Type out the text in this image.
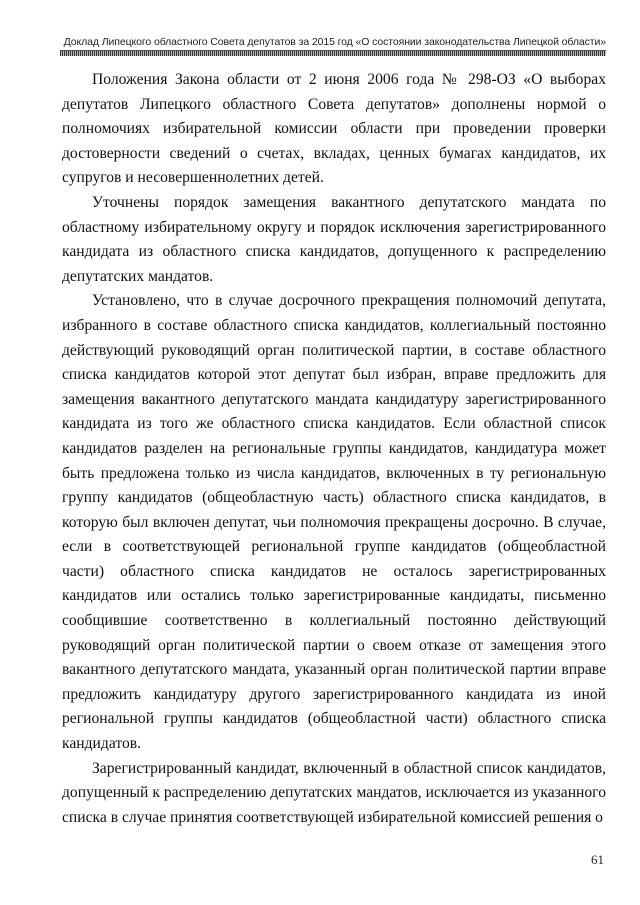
Доклад Липецкого областного Совета депутатов за 2015 год «О состоянии законодательства Липецкой области»

Положения Закона области от 2 июня 2006 года № 298-ОЗ «О выборах депутатов Липецкого областного Совета депутатов» дополнены нормой о полномочиях избирательной комиссии области при проведении проверки достоверности сведений о счетах, вкладах, ценных бумагах кандидатов, их супругов и несовершеннолетних детей.

Уточнены порядок замещения вакантного депутатского мандата по областному избирательному округу и порядок исключения зарегистрированного кандидата из областного списка кандидатов, допущенного к распределению депутатских мандатов.

Установлено, что в случае досрочного прекращения полномочий депутата, избранного в составе областного списка кандидатов, коллегиальный постоянно действующий руководящий орган политической партии, в составе областного списка кандидатов которой этот депутат был избран, вправе предложить для замещения вакантного депутатского мандата кандидатуру зарегистрированного кандидата из того же областного списка кандидатов. Если областной список кандидатов разделен на региональные группы кандидатов, кандидатура может быть предложена только из числа кандидатов, включенных в ту региональную группу кандидатов (общеобластную часть) областного списка кандидатов, в которую был включен депутат, чьи полномочия прекращены досрочно. В случае, если в соответствующей региональной группе кандидатов (общеобластной части) областного списка кандидатов не осталось зарегистрированных кандидатов или остались только зарегистрированные кандидаты, письменно сообщившие соответственно в коллегиальный постоянно действующий руководящий орган политической партии о своем отказе от замещения этого вакантного депутатского мандата, указанный орган политической партии вправе предложить кандидатуру другого зарегистрированного кандидата из иной региональной группы кандидатов (общеобластной части) областного списка кандидатов.

Зарегистрированный кандидат, включенный в областной список кандидатов, допущенный к распределению депутатских мандатов, исключается из указанного списка в случае принятия соответствующей избирательной комиссией решения о

61
